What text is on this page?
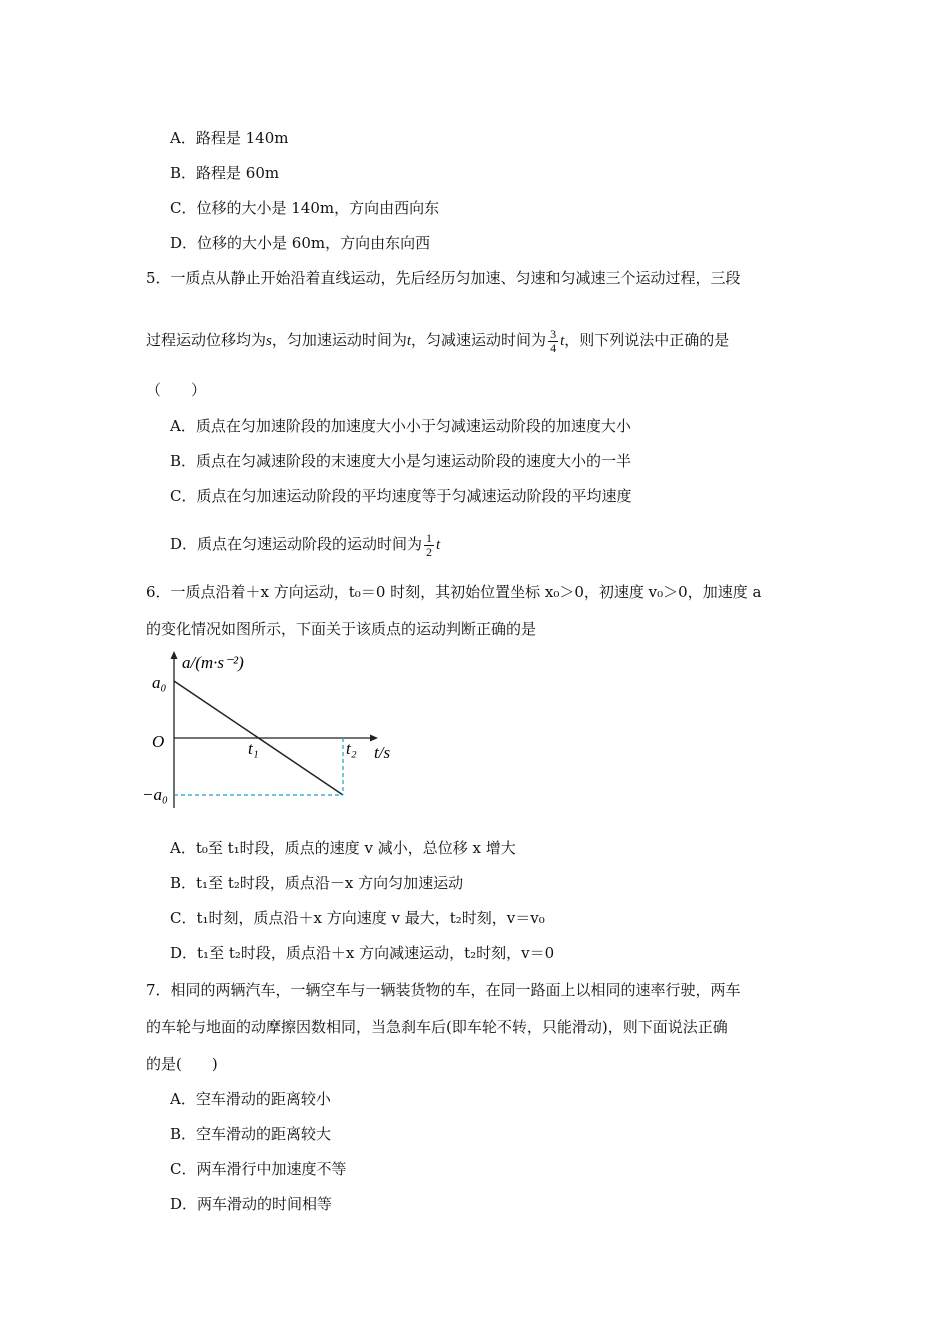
A．路程是 140m
B．路程是 60m
C．位移的大小是 140m，方向由西向东
D．位移的大小是 60m，方向由东向西
5．一质点从静止开始沿着直线运动，先后经历匀加速、匀速和匀减速三个运动过程，三段
过程运动位移均为s，匀加速运动时间为t，匀减速运动时间为 $\frac{3}{4}$ t，则下列说法中正确的是
（　　）
A．质点在匀加速阶段的加速度大小小于匀减速运动阶段的加速度大小
B．质点在匀减速阶段的末速度大小是匀速运动阶段的速度大小的一半
C．质点在匀加速运动阶段的平均速度等于匀减速运动阶段的平均速度
D．质点在匀速运动阶段的运动时间为 $\frac{1}{2}$ t
6．一质点沿着＋x 方向运动，t₀＝0 时刻，其初始位置坐标 x₀＞0，初速度 v₀＞0，加速度 a
的变化情况如图所示，下面关于该质点的运动判断正确的是
a/(m·s⁻²)
a₀
O
−a₀
t₁	t₂ t/s
A．t₀至 t₁时段，质点的速度 v 减小，总位移 x 增大
B．t₁至 t₂时段，质点沿－x 方向匀加速运动
C．t₁时刻，质点沿＋x 方向速度 v 最大，t₂时刻，v＝v₀
D．t₁至 t₂时段，质点沿＋x 方向减速运动，t₂时刻，v＝0
7．相同的两辆汽车，一辆空车与一辆装货物的车，在同一路面上以相同的速率行驶，两车
的车轮与地面的动摩擦因数相同，当急刹车后(即车轮不转，只能滑动)，则下面说法正确
的是(　　)
A．空车滑动的距离较小
B．空车滑动的距离较大
C．两车滑行中加速度不等
D．两车滑动的时间相等
